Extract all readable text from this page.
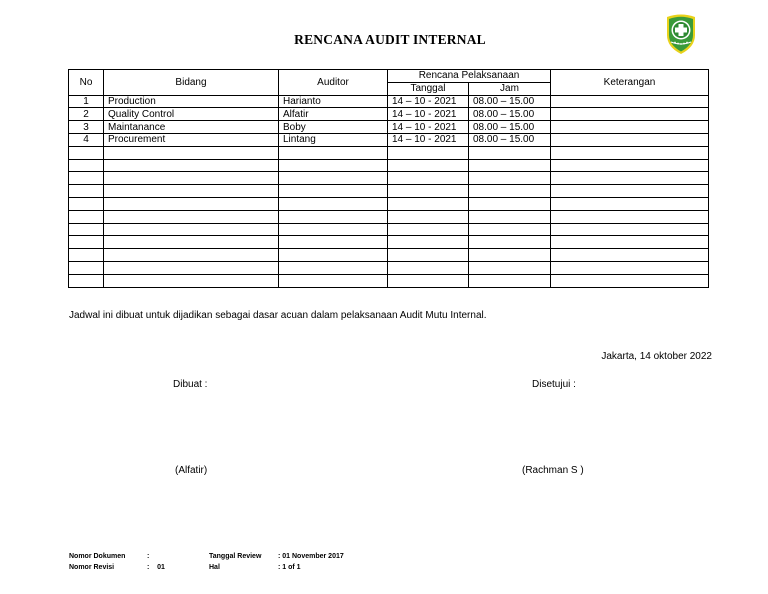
RENCANA AUDIT INTERNAL
No	Bidang	Auditor	Rencana Pelaksanaan		Keterangan
			Tanggal	Jam	
1	Production	Harianto	14 – 10 - 2021	08.00 – 15.00	
2	Quality Control	Alfatir	14 – 10 - 2021	08.00 – 15.00	
3	Maintanance	Boby	14 – 10 - 2021	08.00 – 15.00	
4	Procurement	Lintang	14 – 10 - 2021	08.00 – 15.00	

Jadwal ini dibuat untuk dijadikan sebagai dasar acuan dalam pelaksanaan Audit Mutu Internal.
Jakarta, 14 oktober 2022
Dibuat :	Disetujui :
(Alfatir)	(Rachman S )
Nomor Dokumen	:	Tanggal Review : 01 November 2017
Nomor Revisi	:    01	Hal	: 1 of 1
